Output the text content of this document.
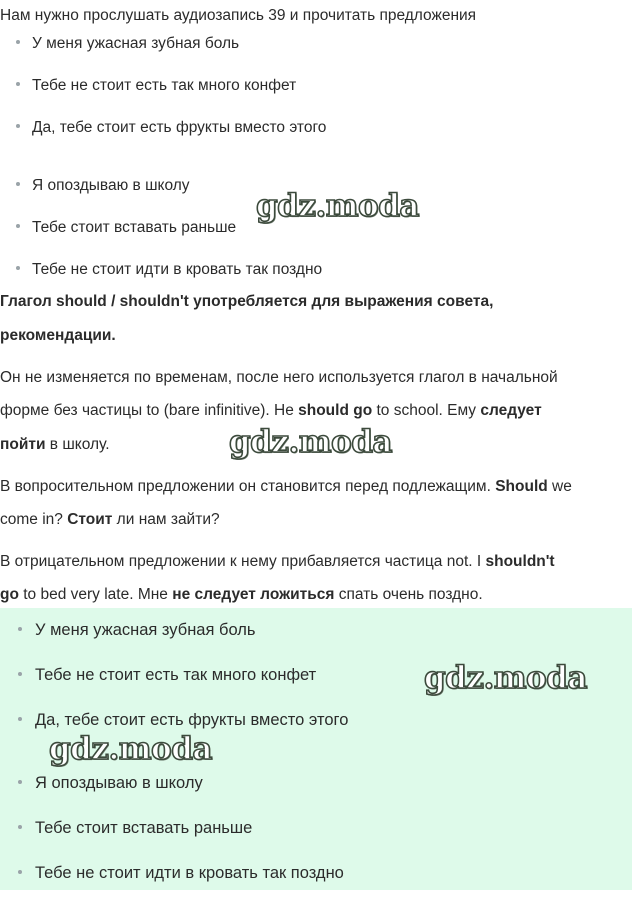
Нам нужно прослушать аудиозапись 39 и прочитать предложения
У меня ужасная зубная боль
Тебе не стоит есть так много конфет
Да, тебе стоит есть фрукты вместо этого
Я опоздываю в школу
Тебе стоит вставать раньше
Тебе не стоит идти в кровать так поздно
Глагол should / shouldn't употребляется для выражения совета,
рекомендации.
Он не изменяется по временам, после него используется глагол в начальной
форме без частицы to (bare infinitive). Не should go to school. Ему следует
пойти в школу.
В вопросительном предложении он становится перед подлежащим. Should we
come in? Стоит ли нам зайти?
В отрицательном предложении к нему прибавляется частица not. I shouldn't
go to bed very late. Мне не следует ложиться спать очень поздно.
У меня ужасная зубная боль
Тебе не стоит есть так много конфет
Да, тебе стоит есть фрукты вместо этого
Я опоздываю в школу
Тебе стоит вставать раньше
Тебе не стоит идти в кровать так поздно
gdz.moda
gdz.moda
gdz.moda
gdz.moda
